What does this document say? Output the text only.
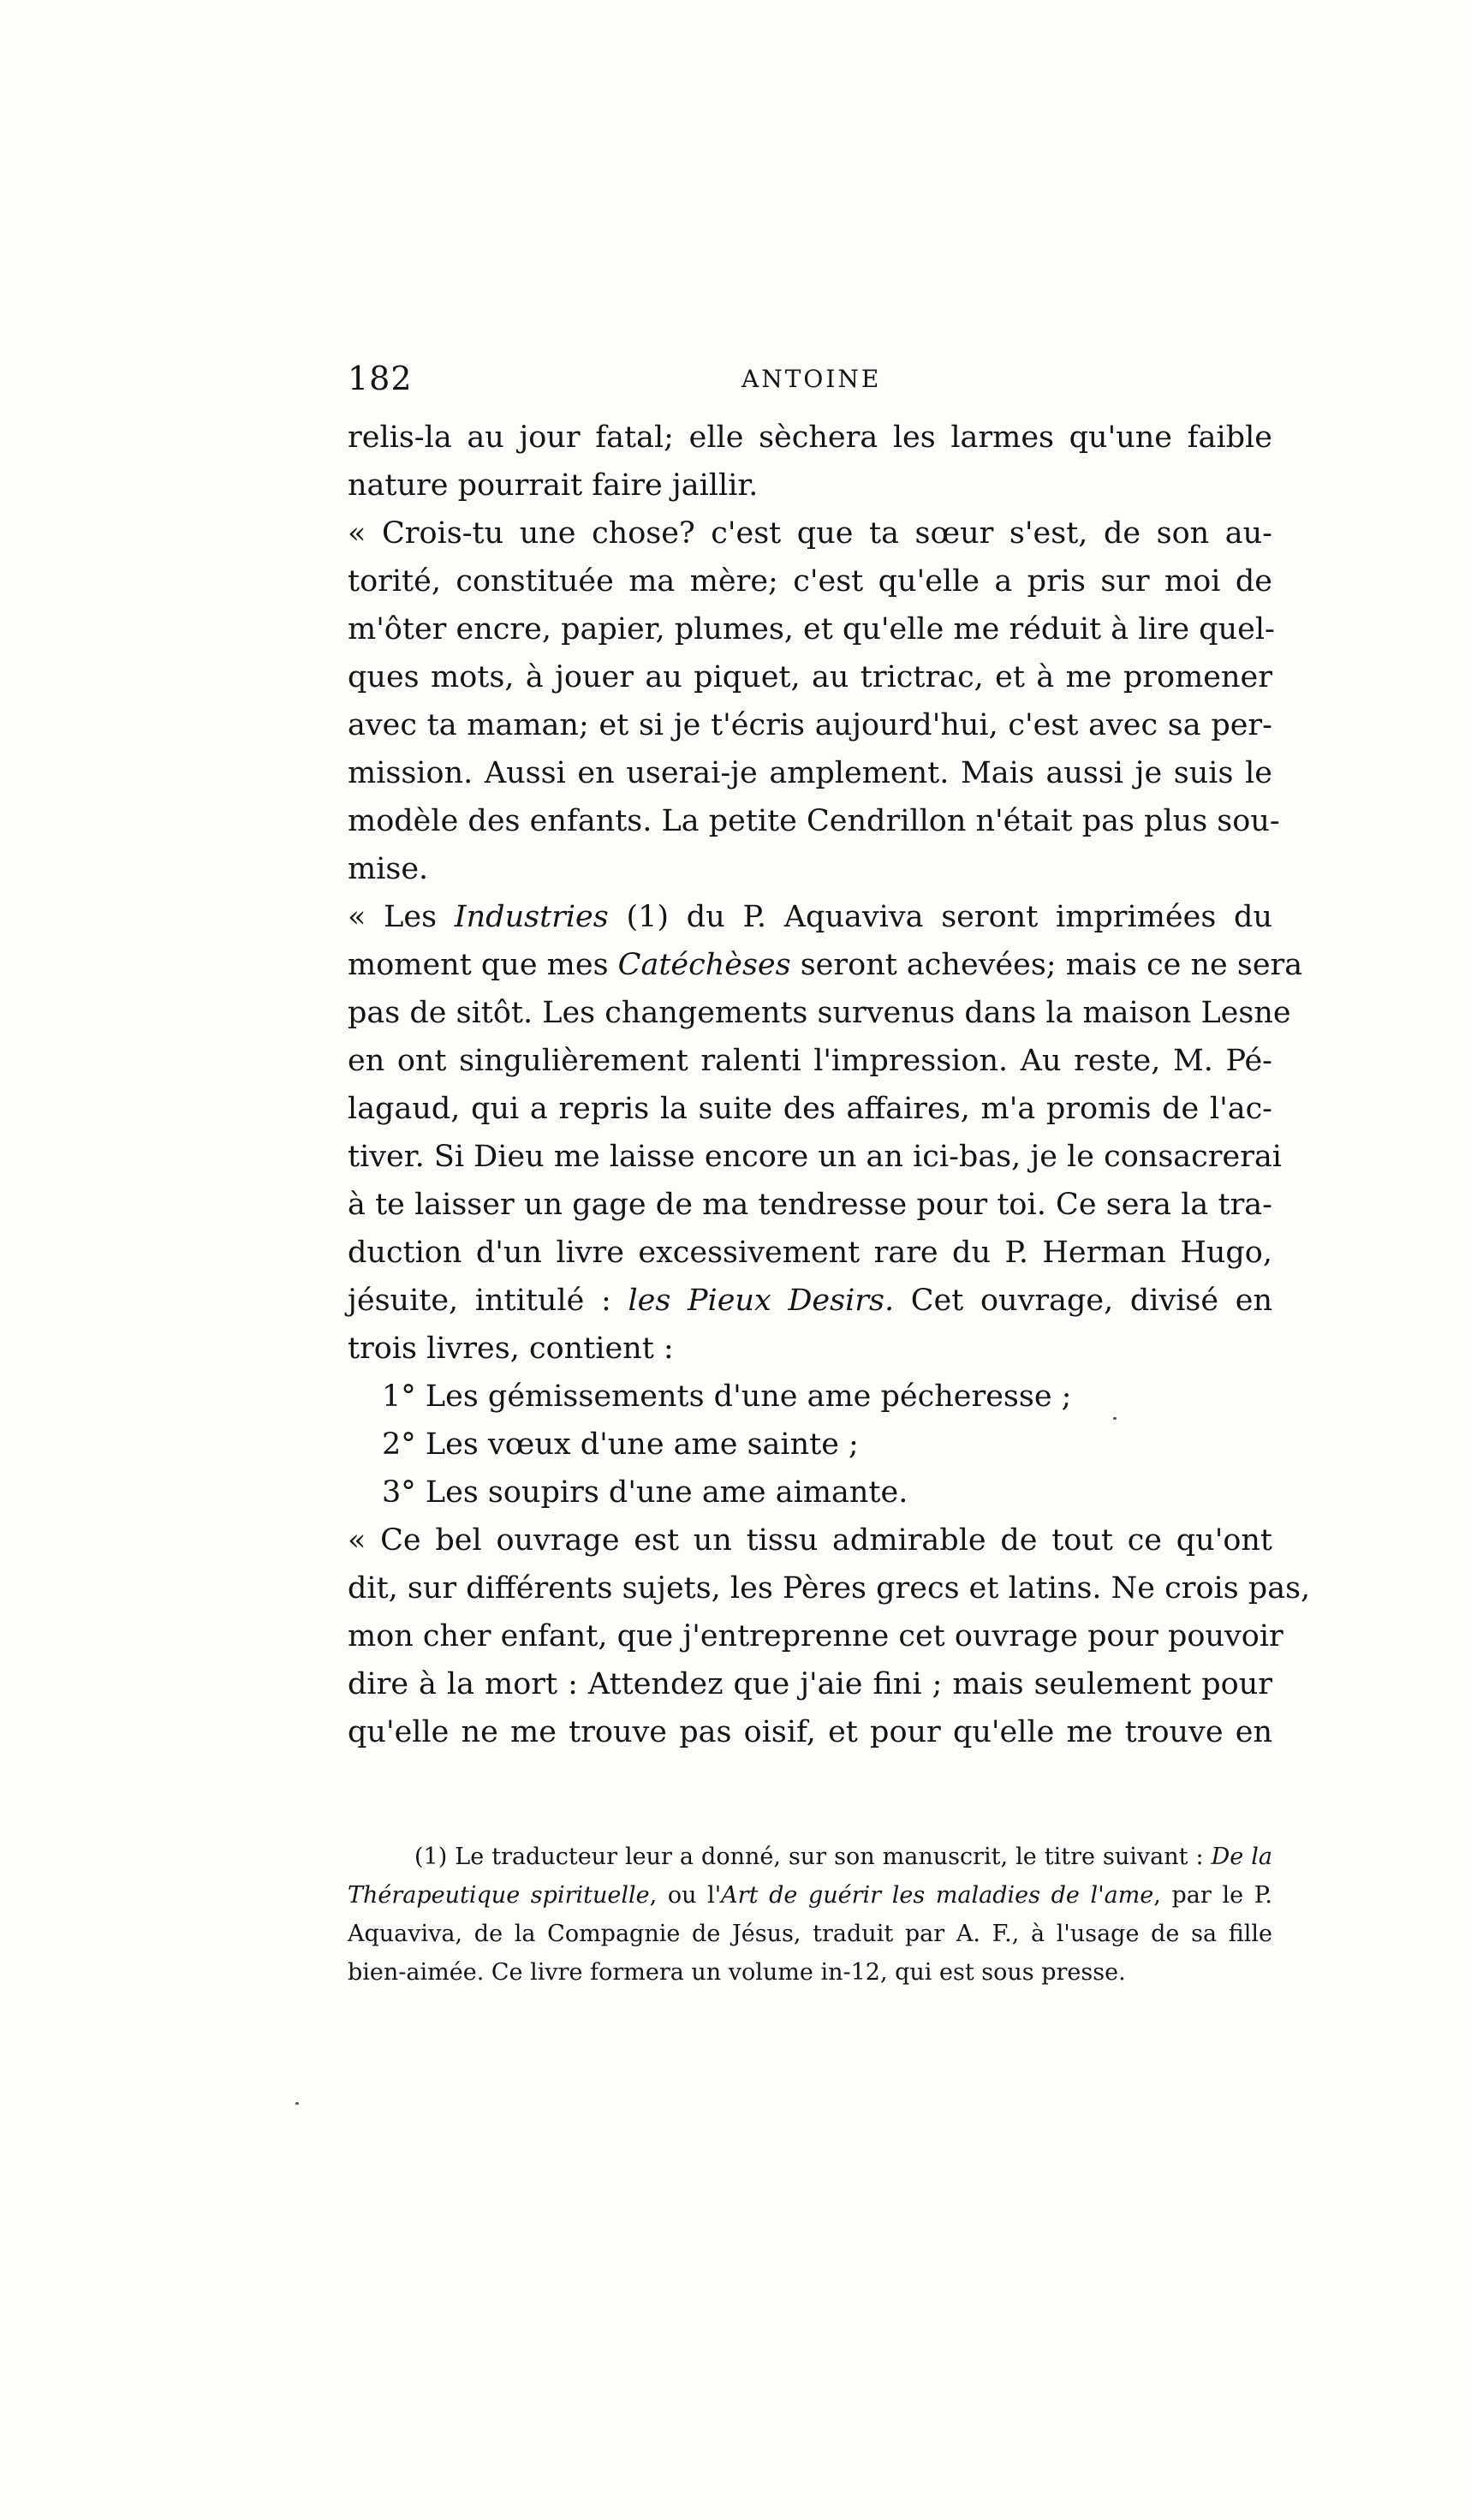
182	ANTOINE
relis-la au jour fatal; elle sèchera les larmes qu'une faible
nature pourrait faire jaillir.
« Crois-tu une chose? c'est que ta sœur s'est, de son au-
torité, constituée ma mère; c'est qu'elle a pris sur moi de
m'ôter encre, papier, plumes, et qu'elle me réduit à lire quel-
ques mots, à jouer au piquet, au trictrac, et à me promener
avec ta maman; et si je t'écris aujourd'hui, c'est avec sa per-
mission. Aussi en userai-je amplement. Mais aussi je suis le
modèle des enfants. La petite Cendrillon n'était pas plus sou-
mise.
« Les Industries (1) du P. Aquaviva seront imprimées du
moment que mes Catéchèses seront achevées; mais ce ne sera
pas de sitôt. Les changements survenus dans la maison Lesne
en ont singulièrement ralenti l'impression. Au reste, M. Pé-
lagaud, qui a repris la suite des affaires, m'a promis de l'ac-
tiver. Si Dieu me laisse encore un an ici-bas, je le consacrerai
à te laisser un gage de ma tendresse pour toi. Ce sera la tra-
duction d'un livre excessivement rare du P. Herman Hugo,
jésuite, intitulé : les Pieux Desirs. Cet ouvrage, divisé en
trois livres, contient :
1° Les gémissements d'une ame pécheresse ;
2° Les vœux d'une ame sainte ;
3° Les soupirs d'une ame aimante.
« Ce bel ouvrage est un tissu admirable de tout ce qu'ont
dit, sur différents sujets, les Pères grecs et latins. Ne crois pas,
mon cher enfant, que j'entreprenne cet ouvrage pour pouvoir
dire à la mort : Attendez que j'aie fini ; mais seulement pour
qu'elle ne me trouve pas oisif, et pour qu'elle me trouve en
(1) Le traducteur leur a donné, sur son manuscrit, le titre suivant : De la
Thérapeutique spirituelle, ou l'Art de guérir les maladies de l'ame, par le P.
Aquaviva, de la Compagnie de Jésus, traduit par A. F., à l'usage de sa fille
bien-aimée. Ce livre formera un volume in-12, qui est sous presse.
